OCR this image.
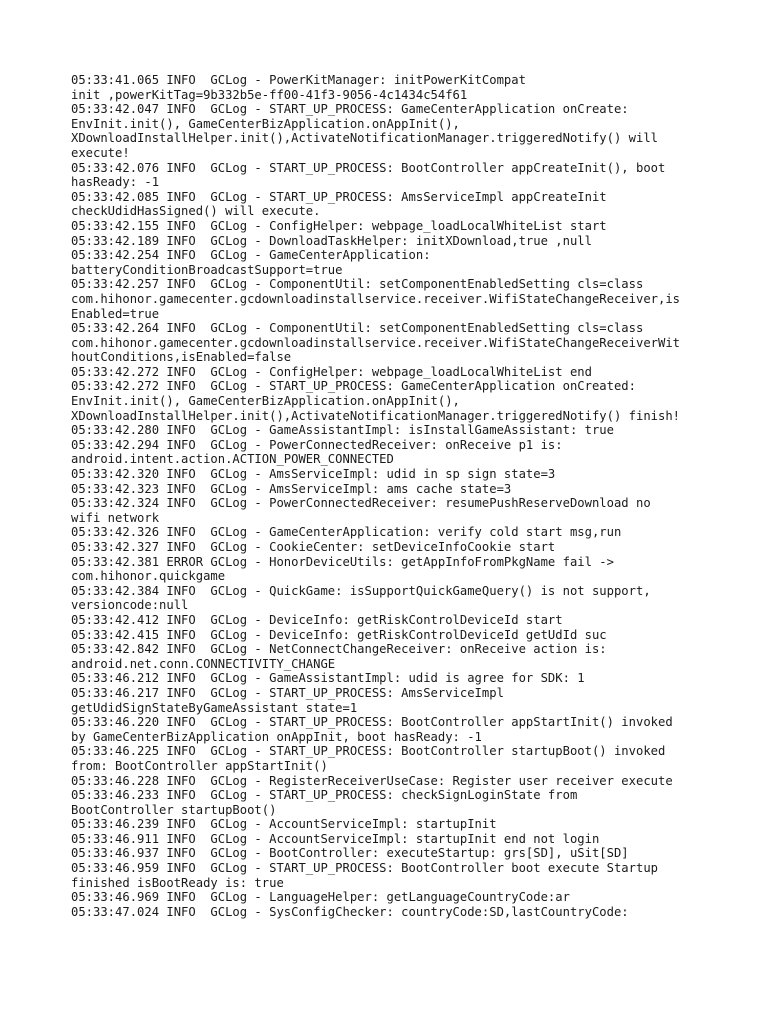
05:33:41.065 INFO  GCLog - PowerKitManager: initPowerKitCompat
init ,powerKitTag=9b332b5e-ff00-41f3-9056-4c1434c54f61
05:33:42.047 INFO  GCLog - START_UP_PROCESS: GameCenterApplication onCreate:
EnvInit.init(), GameCenterBizApplication.onAppInit(),
XDownloadInstallHelper.init(),ActivateNotificationManager.triggeredNotify() will
execute!
05:33:42.076 INFO  GCLog - START_UP_PROCESS: BootController appCreateInit(), boot
hasReady: -1
05:33:42.085 INFO  GCLog - START_UP_PROCESS: AmsServiceImpl appCreateInit
checkUdidHasSigned() will execute.
05:33:42.155 INFO  GCLog - ConfigHelper: webpage_loadLocalWhiteList start
05:33:42.189 INFO  GCLog - DownloadTaskHelper: initXDownload,true ,null
05:33:42.254 INFO  GCLog - GameCenterApplication:
batteryConditionBroadcastSupport=true
05:33:42.257 INFO  GCLog - ComponentUtil: setComponentEnabledSetting cls=class
com.hihonor.gamecenter.gcdownloadinstallservice.receiver.WifiStateChangeReceiver,is
Enabled=true
05:33:42.264 INFO  GCLog - ComponentUtil: setComponentEnabledSetting cls=class
com.hihonor.gamecenter.gcdownloadinstallservice.receiver.WifiStateChangeReceiverWit
houtConditions,isEnabled=false
05:33:42.272 INFO  GCLog - ConfigHelper: webpage_loadLocalWhiteList end
05:33:42.272 INFO  GCLog - START_UP_PROCESS: GameCenterApplication onCreated:
EnvInit.init(), GameCenterBizApplication.onAppInit(),
XDownloadInstallHelper.init(),ActivateNotificationManager.triggeredNotify() finish!
05:33:42.280 INFO  GCLog - GameAssistantImpl: isInstallGameAssistant: true
05:33:42.294 INFO  GCLog - PowerConnectedReceiver: onReceive p1 is:
android.intent.action.ACTION_POWER_CONNECTED
05:33:42.320 INFO  GCLog - AmsServiceImpl: udid in sp sign state=3
05:33:42.323 INFO  GCLog - AmsServiceImpl: ams cache state=3
05:33:42.324 INFO  GCLog - PowerConnectedReceiver: resumePushReserveDownload no
wifi network
05:33:42.326 INFO  GCLog - GameCenterApplication: verify cold start msg,run
05:33:42.327 INFO  GCLog - CookieCenter: setDeviceInfoCookie start
05:33:42.381 ERROR GCLog - HonorDeviceUtils: getAppInfoFromPkgName fail ->
com.hihonor.quickgame
05:33:42.384 INFO  GCLog - QuickGame: isSupportQuickGameQuery() is not support,
versioncode:null
05:33:42.412 INFO  GCLog - DeviceInfo: getRiskControlDeviceId start
05:33:42.415 INFO  GCLog - DeviceInfo: getRiskControlDeviceId getUdId suc
05:33:42.842 INFO  GCLog - NetConnectChangeReceiver: onReceive action is:
android.net.conn.CONNECTIVITY_CHANGE
05:33:46.212 INFO  GCLog - GameAssistantImpl: udid is agree for SDK: 1
05:33:46.217 INFO  GCLog - START_UP_PROCESS: AmsServiceImpl
getUdidSignStateByGameAssistant state=1
05:33:46.220 INFO  GCLog - START_UP_PROCESS: BootController appStartInit() invoked
by GameCenterBizApplication onAppInit, boot hasReady: -1
05:33:46.225 INFO  GCLog - START_UP_PROCESS: BootController startupBoot() invoked
from: BootController appStartInit()
05:33:46.228 INFO  GCLog - RegisterReceiverUseCase: Register user receiver execute
05:33:46.233 INFO  GCLog - START_UP_PROCESS: checkSignLoginState from
BootController startupBoot()
05:33:46.239 INFO  GCLog - AccountServiceImpl: startupInit
05:33:46.911 INFO  GCLog - AccountServiceImpl: startupInit end not login
05:33:46.937 INFO  GCLog - BootController: executeStartup: grs[SD], uSit[SD]
05:33:46.959 INFO  GCLog - START_UP_PROCESS: BootController boot execute Startup
finished isBootReady is: true
05:33:46.969 INFO  GCLog - LanguageHelper: getLanguageCountryCode:ar
05:33:47.024 INFO  GCLog - SysConfigChecker: countryCode:SD,lastCountryCode:
